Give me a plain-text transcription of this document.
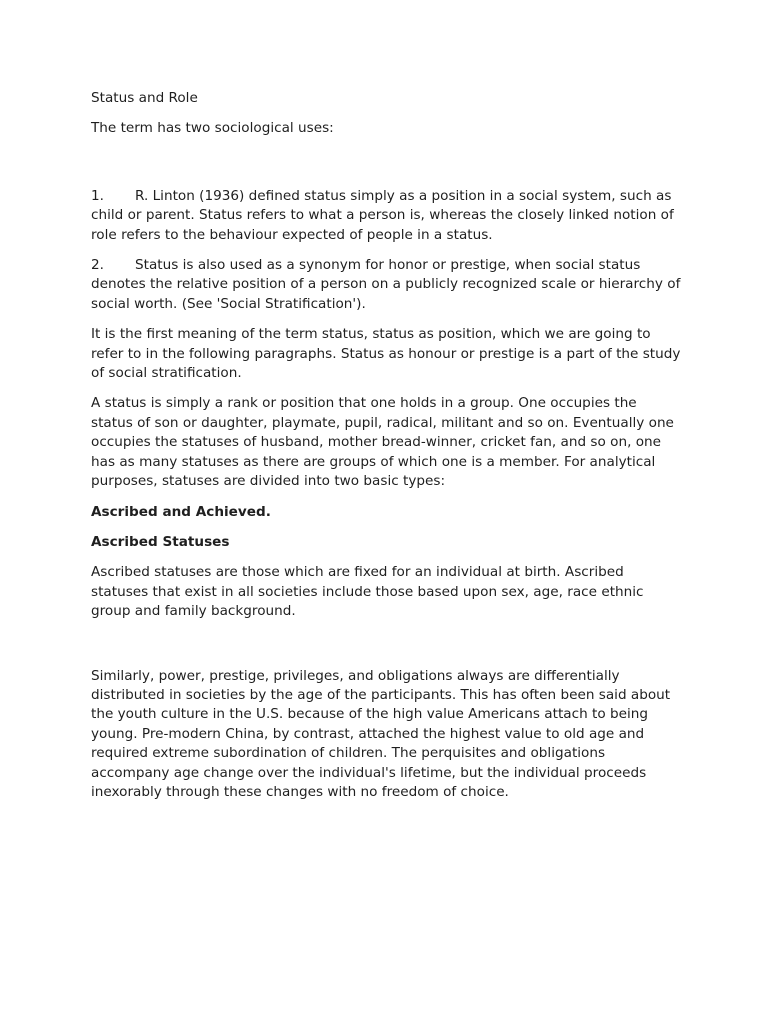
Status and Role

The term has two sociological uses:

1. R. Linton (1936) defined status simply as a position in a social system, such as child or parent. Status refers to what a person is, whereas the closely linked notion of role refers to the behaviour expected of people in a status.

2. Status is also used as a synonym for honor or prestige, when social status denotes the relative position of a person on a publicly recognized scale or hierarchy of social worth. (See 'Social Stratification').

It is the first meaning of the term status, status as position, which we are going to refer to in the following paragraphs. Status as honour or prestige is a part of the study of social stratification.

A status is simply a rank or position that one holds in a group. One occupies the status of son or daughter, playmate, pupil, radical, militant and so on. Eventually one occupies the statuses of husband, mother bread-winner, cricket fan, and so on, one has as many statuses as there are groups of which one is a member. For analytical purposes, statuses are divided into two basic types:

Ascribed and Achieved.

Ascribed Statuses

Ascribed statuses are those which are fixed for an individual at birth. Ascribed statuses that exist in all societies include those based upon sex, age, race ethnic group and family background.

Similarly, power, prestige, privileges, and obligations always are differentially distributed in societies by the age of the participants. This has often been said about the youth culture in the U.S. because of the high value Americans attach to being young. Pre-modern China, by contrast, attached the highest value to old age and required extreme subordination of children. The perquisites and obligations accompany age change over the individual's lifetime, but the individual proceeds inexorably through these changes with no freedom of choice.
